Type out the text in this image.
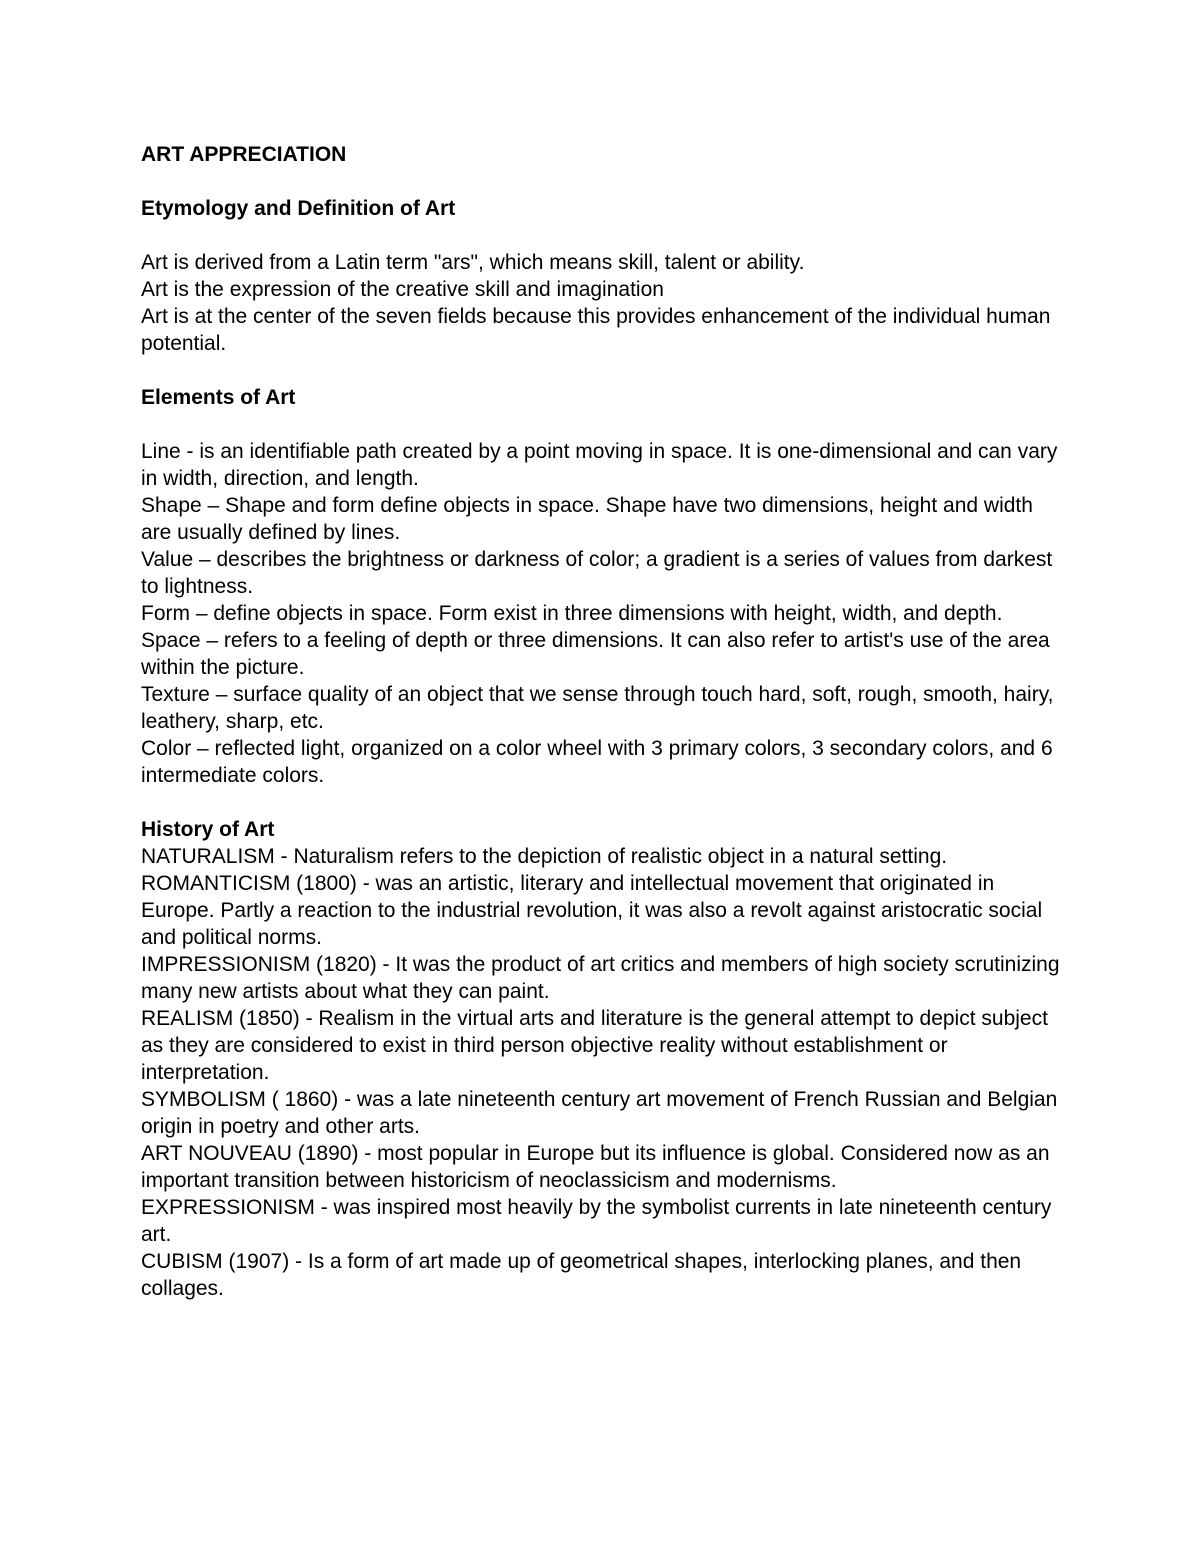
ART APPRECIATION

Etymology and Definition of Art

Art is derived from a Latin term "ars", which means skill, talent or ability.

Art is the expression of the creative skill and imagination

Art is at the center of the seven fields because this provides enhancement of the individual human potential.

Elements of Art

Line - is an identifiable path created by a point moving in space. It is one-dimensional and can vary in width, direction, and length.

Shape – Shape and form define objects in space. Shape have two dimensions, height and width are usually defined by lines.

Value – describes the brightness or darkness of color; a gradient is a series of values from darkest to lightness.

Form – define objects in space. Form exist in three dimensions with height, width, and depth.

Space – refers to a feeling of depth or three dimensions. It can also refer to artist's use of the area within the picture.

Texture – surface quality of an object that we sense through touch hard, soft, rough, smooth, hairy, leathery, sharp, etc.

Color – reflected light, organized on a color wheel with 3 primary colors, 3 secondary colors, and 6 intermediate colors.

History of Art

NATURALISM - Naturalism refers to the depiction of realistic object in a natural setting.

ROMANTICISM (1800) - was an artistic, literary and intellectual movement that originated in Europe. Partly a reaction to the industrial revolution, it was also a revolt against aristocratic social and political norms.

IMPRESSIONISM (1820) - It was the product of art critics and members of high society scrutinizing many new artists about what they can paint.

REALISM (1850) - Realism in the virtual arts and literature is the general attempt to depict subject as they are considered to exist in third person objective reality without establishment or interpretation.

SYMBOLISM ( 1860) - was a late nineteenth century art movement of French Russian and Belgian origin in poetry and other arts.

ART NOUVEAU (1890) - most popular in Europe but its influence is global. Considered now as an important transition between historicism of neoclassicism and modernisms.

EXPRESSIONISM - was inspired most heavily by the symbolist currents in late nineteenth century art.

CUBISM (1907) - Is a form of art made up of geometrical shapes, interlocking planes, and then collages.
